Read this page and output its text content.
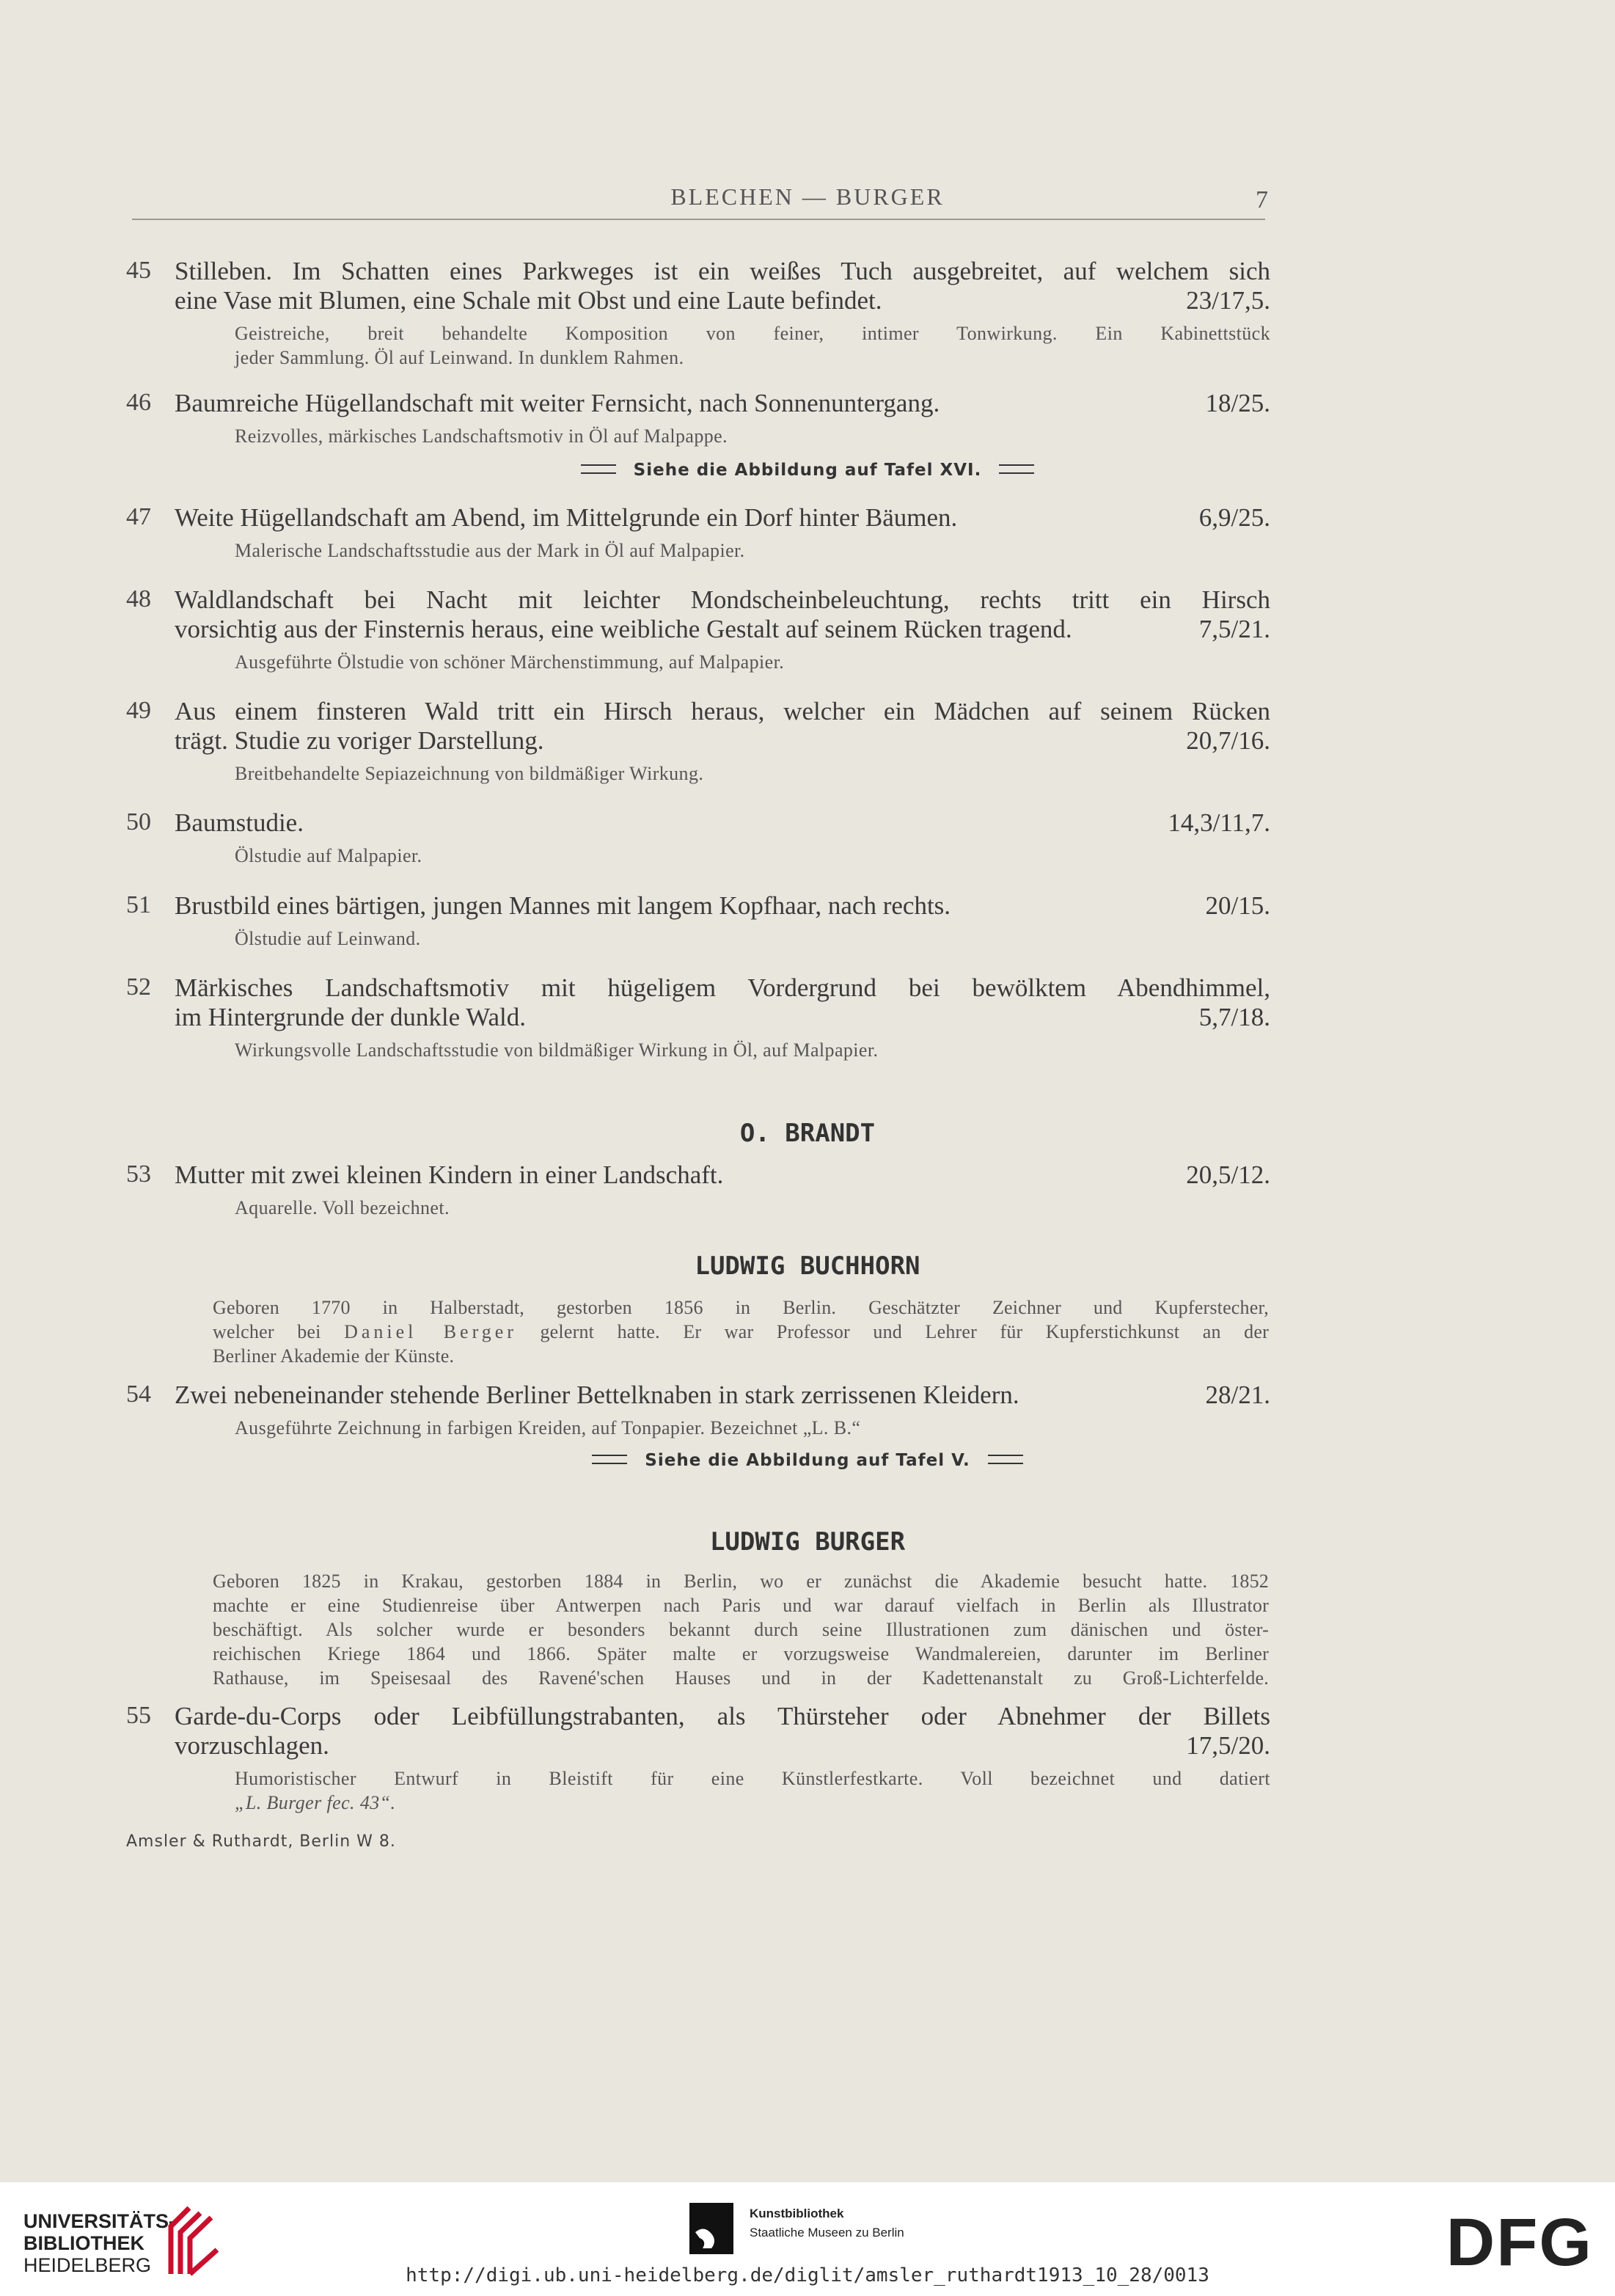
BLECHEN — BURGER	7
45 Stilleben. Im Schatten eines Parkweges ist ein weißes Tuch ausgebreitet, auf welchem sich
eine Vase mit Blumen, eine Schale mit Obst und eine Laute befindet.	23/17,5.
Geistreiche, breit behandelte Komposition von feiner, intimer Tonwirkung. Ein Kabinettstück
jeder Sammlung. Öl auf Leinwand. In dunklem Rahmen.
46 Baumreiche Hügellandschaft mit weiter Fernsicht, nach Sonnenuntergang.	18/25.
Reizvolles, märkisches Landschaftsmotiv in Öl auf Malpappe.
Siehe die Abbildung auf Tafel XVI.
47 Weite Hügellandschaft am Abend, im Mittelgrunde ein Dorf hinter Bäumen.	6,9/25.
Malerische Landschaftsstudie aus der Mark in Öl auf Malpapier.
48 Waldlandschaft bei Nacht mit leichter Mondscheinbeleuchtung, rechts tritt ein Hirsch
vorsichtig aus der Finsternis heraus, eine weibliche Gestalt auf seinem Rücken tragend.	7,5/21.
Ausgeführte Ölstudie von schöner Märchenstimmung, auf Malpapier.
49 Aus einem finsteren Wald tritt ein Hirsch heraus, welcher ein Mädchen auf seinem Rücken
trägt. Studie zu voriger Darstellung.	20,7/16.
Breitbehandelte Sepiazeichnung von bildmäßiger Wirkung.
50 Baumstudie.	14,3/11,7.
Ölstudie auf Malpapier.
51 Brustbild eines bärtigen, jungen Mannes mit langem Kopfhaar, nach rechts.	20/15.
Ölstudie auf Leinwand.
52 Märkisches Landschaftsmotiv mit hügeligem Vordergrund bei bewölktem Abendhimmel,
im Hintergrunde der dunkle Wald.	5,7/18.
Wirkungsvolle Landschaftsstudie von bildmäßiger Wirkung in Öl, auf Malpapier.
O. BRANDT
53 Mutter mit zwei kleinen Kindern in einer Landschaft.	20,5/12.
Aquarelle. Voll bezeichnet.
LUDWIG BUCHHORN
Geboren 1770 in Halberstadt, gestorben 1856 in Berlin. Geschätzter Zeichner und Kupferstecher,
welcher bei Daniel Berger gelernt hatte. Er war Professor und Lehrer für Kupferstichkunst an der
Berliner Akademie der Künste.
54 Zwei nebeneinander stehende Berliner Bettelknaben in stark zerrissenen Kleidern.	28/21.
Ausgeführte Zeichnung in farbigen Kreiden, auf Tonpapier. Bezeichnet „L. B.“
Siehe die Abbildung auf Tafel V.
LUDWIG BURGER
Geboren 1825 in Krakau, gestorben 1884 in Berlin, wo er zunächst die Akademie besucht hatte. 1852
machte er eine Studienreise über Antwerpen nach Paris und war darauf vielfach in Berlin als Illustrator
beschäftigt. Als solcher wurde er besonders bekannt durch seine Illustrationen zum dänischen und öster-
reichischen Kriege 1864 und 1866. Später malte er vorzugsweise Wandmalereien, darunter im Berliner
Rathause, im Speisesaal des Ravené'schen Hauses und in der Kadettenanstalt zu Groß-Lichterfelde.
55 Garde-du-Corps oder Leibfüllungstrabanten, als Thürsteher oder Abnehmer der Billets
vorzuschlagen.	17,5/20.
Humoristischer Entwurf in Bleistift für eine Künstlerfestkarte. Voll bezeichnet und datiert
„L. Burger fec. 43“.
Amsler & Ruthardt, Berlin W 8.
UNIVERSITÄTS-
BIBLIOTHEK
HEIDELBERG
Kunstbibliothek
Staatliche Museen zu Berlin	DFG
http://digi.ub.uni-heidelberg.de/diglit/amsler_ruthardt1913_10_28/0013
